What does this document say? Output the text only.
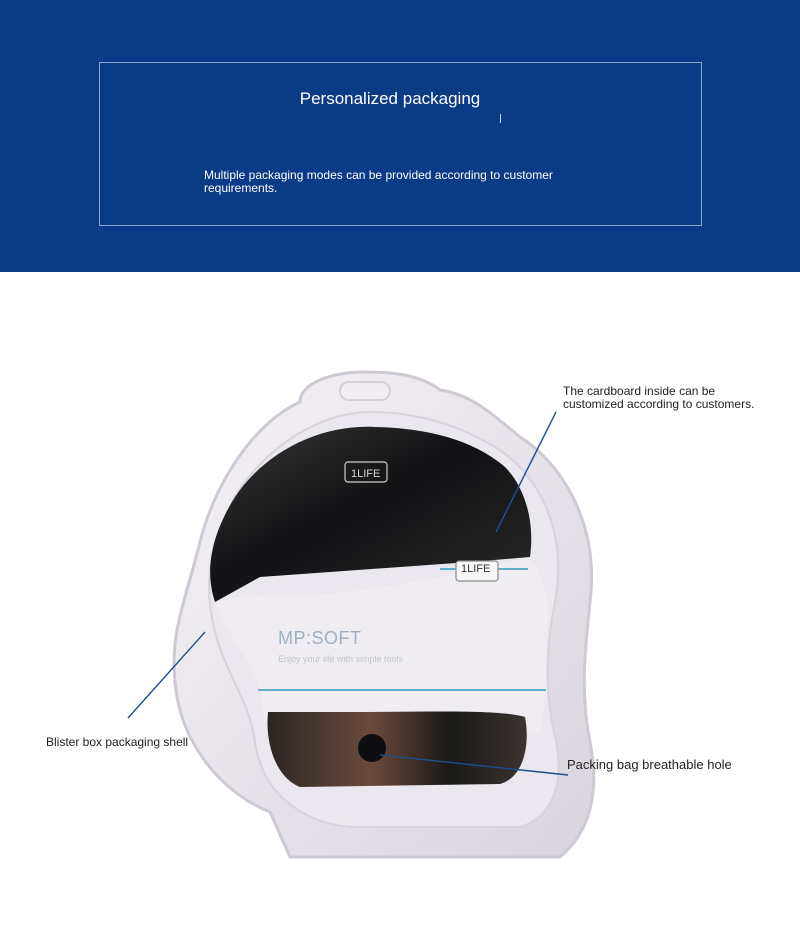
Personalized packaging
Multiple packaging modes can be provided according to customer requirements.
1LIFE
1LIFE
MP:SOFT
Enjoy your life with simple tools
The cardboard inside can be customized according to customers.
Blister box packaging shell
Packing bag breathable hole
